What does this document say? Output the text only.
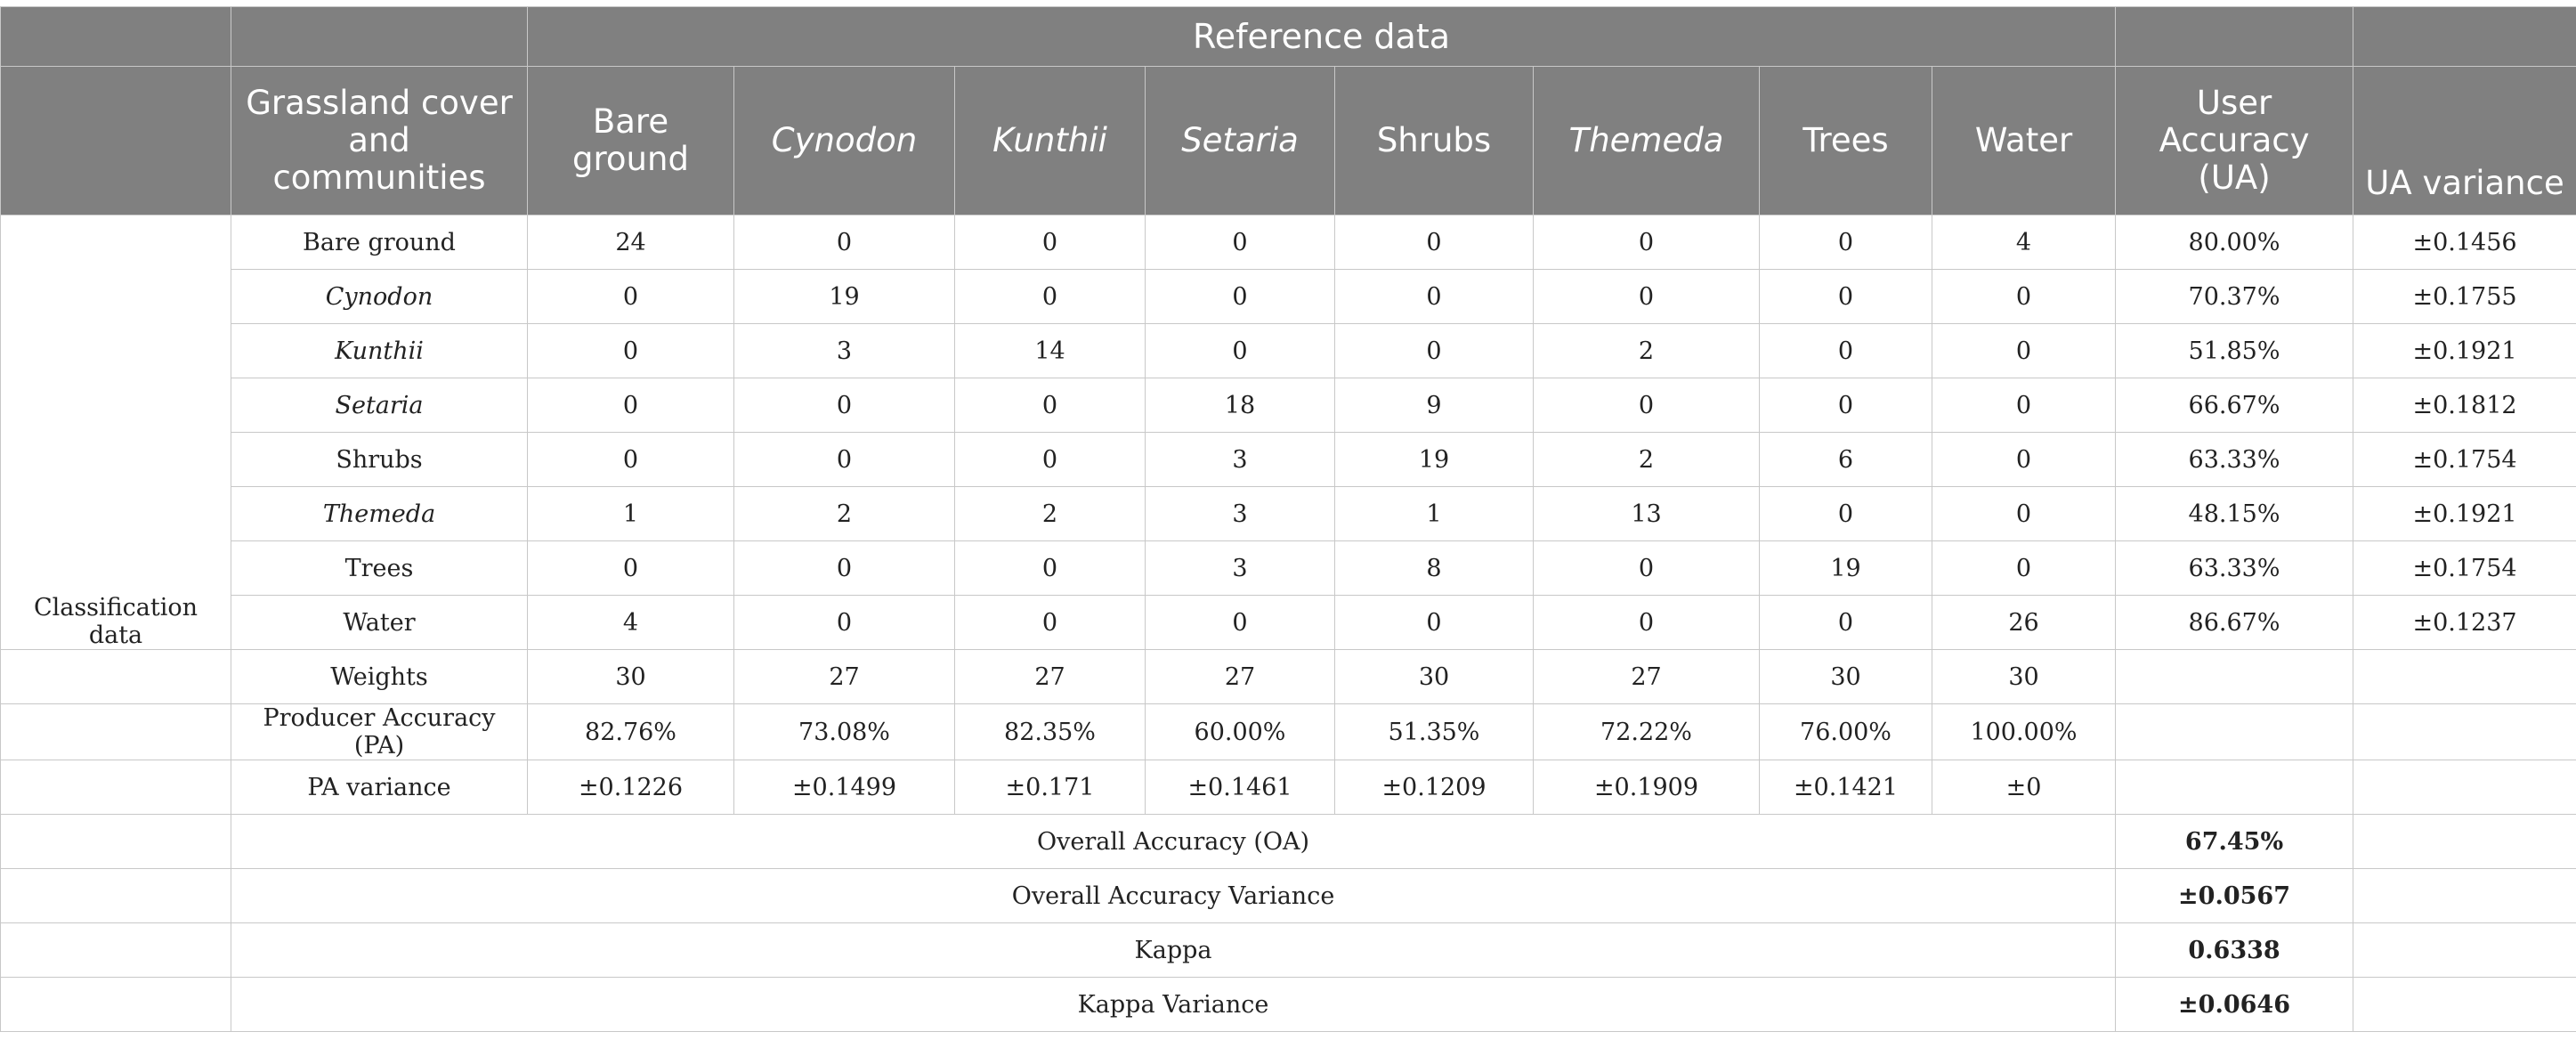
		Reference data									
	Grassland cover and communities	Bare ground	Cynodon	Kunthii	Setaria	Shrubs	Themeda	Trees	Water	User Accuracy (UA)	UA variance
Classification data	Bare ground	24	0	0	0	0	0	0	4	80.00%	±0.1456
	Cynodon	0	19	0	0	0	0	0	0	70.37%	±0.1755
	Kunthii	0	3	14	0	0	2	0	0	51.85%	±0.1921
	Setaria	0	0	0	18	9	0	0	0	66.67%	±0.1812
	Shrubs	0	0	0	3	19	2	6	0	63.33%	±0.1754
	Themeda	1	2	2	3	1	13	0	0	48.15%	±0.1921
	Trees	0	0	0	3	8	0	19	0	63.33%	±0.1754
	Water	4	0	0	0	0	0	0	26	86.67%	±0.1237
	Weights	30	27	27	27	30	27	30	30		
	Producer Accuracy (PA)	82.76%	73.08%	82.35%	60.00%	51.35%	72.22%	76.00%	100.00%		
	PA variance	±0.1226	±0.1499	±0.171	±0.1461	±0.1209	±0.1909	±0.1421	±0		
	Overall Accuracy (OA)									67.45%	
	Overall Accuracy Variance									±0.0567	
	Kappa									0.6338	
	Kappa Variance									±0.0646	
